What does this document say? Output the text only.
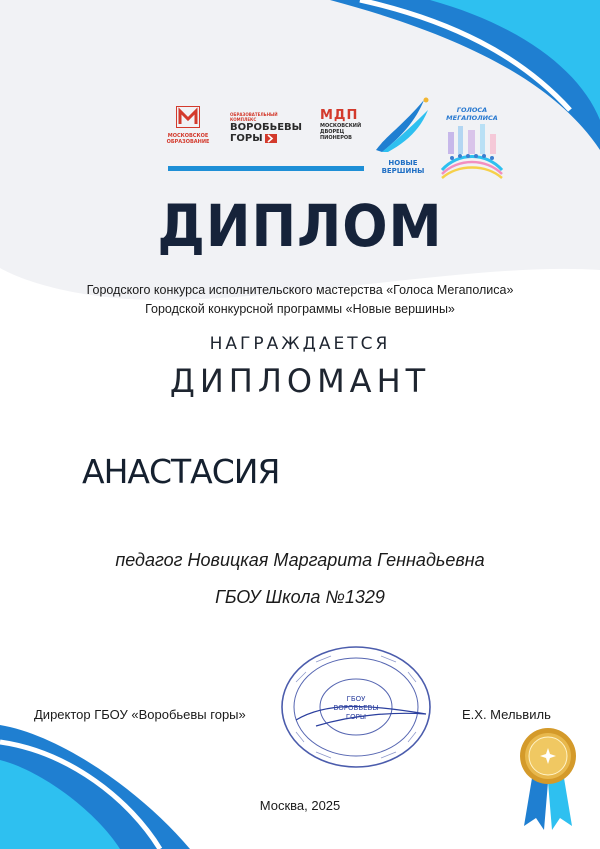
МОСКОВСКОЕ
ОБРАЗОВАНИЕ
ОБРАЗОВАТЕЛЬНЫЙ КОМПЛЕКС
ВОРОБЬЕВЫ
ГОРЫ
МДП
МОСКОВСКИЙ
ДВОРЕЦ
ПИОНЕРОВ
НОВЫЕ
ВЕРШИНЫ
ГОЛОСА МЕГАПОЛИСА
ДИПЛОМ
Городского конкурса исполнительского мастерства «Голоса Мегаполиса»
Городской конкурсной программы «Новые вершины»
НАГРАЖДАЕТСЯ
ДИПЛОМАНТ
АНАСТАСИЯ
педагог Новицкая Маргарита Геннадьевна
ГБОУ Школа №1329
ГБОУ
ВОРОБЬЕВЫ
ГОРЫ
Директор ГБОУ «Воробьевы горы»	Е.Х. Мельвиль
Москва, 2025
